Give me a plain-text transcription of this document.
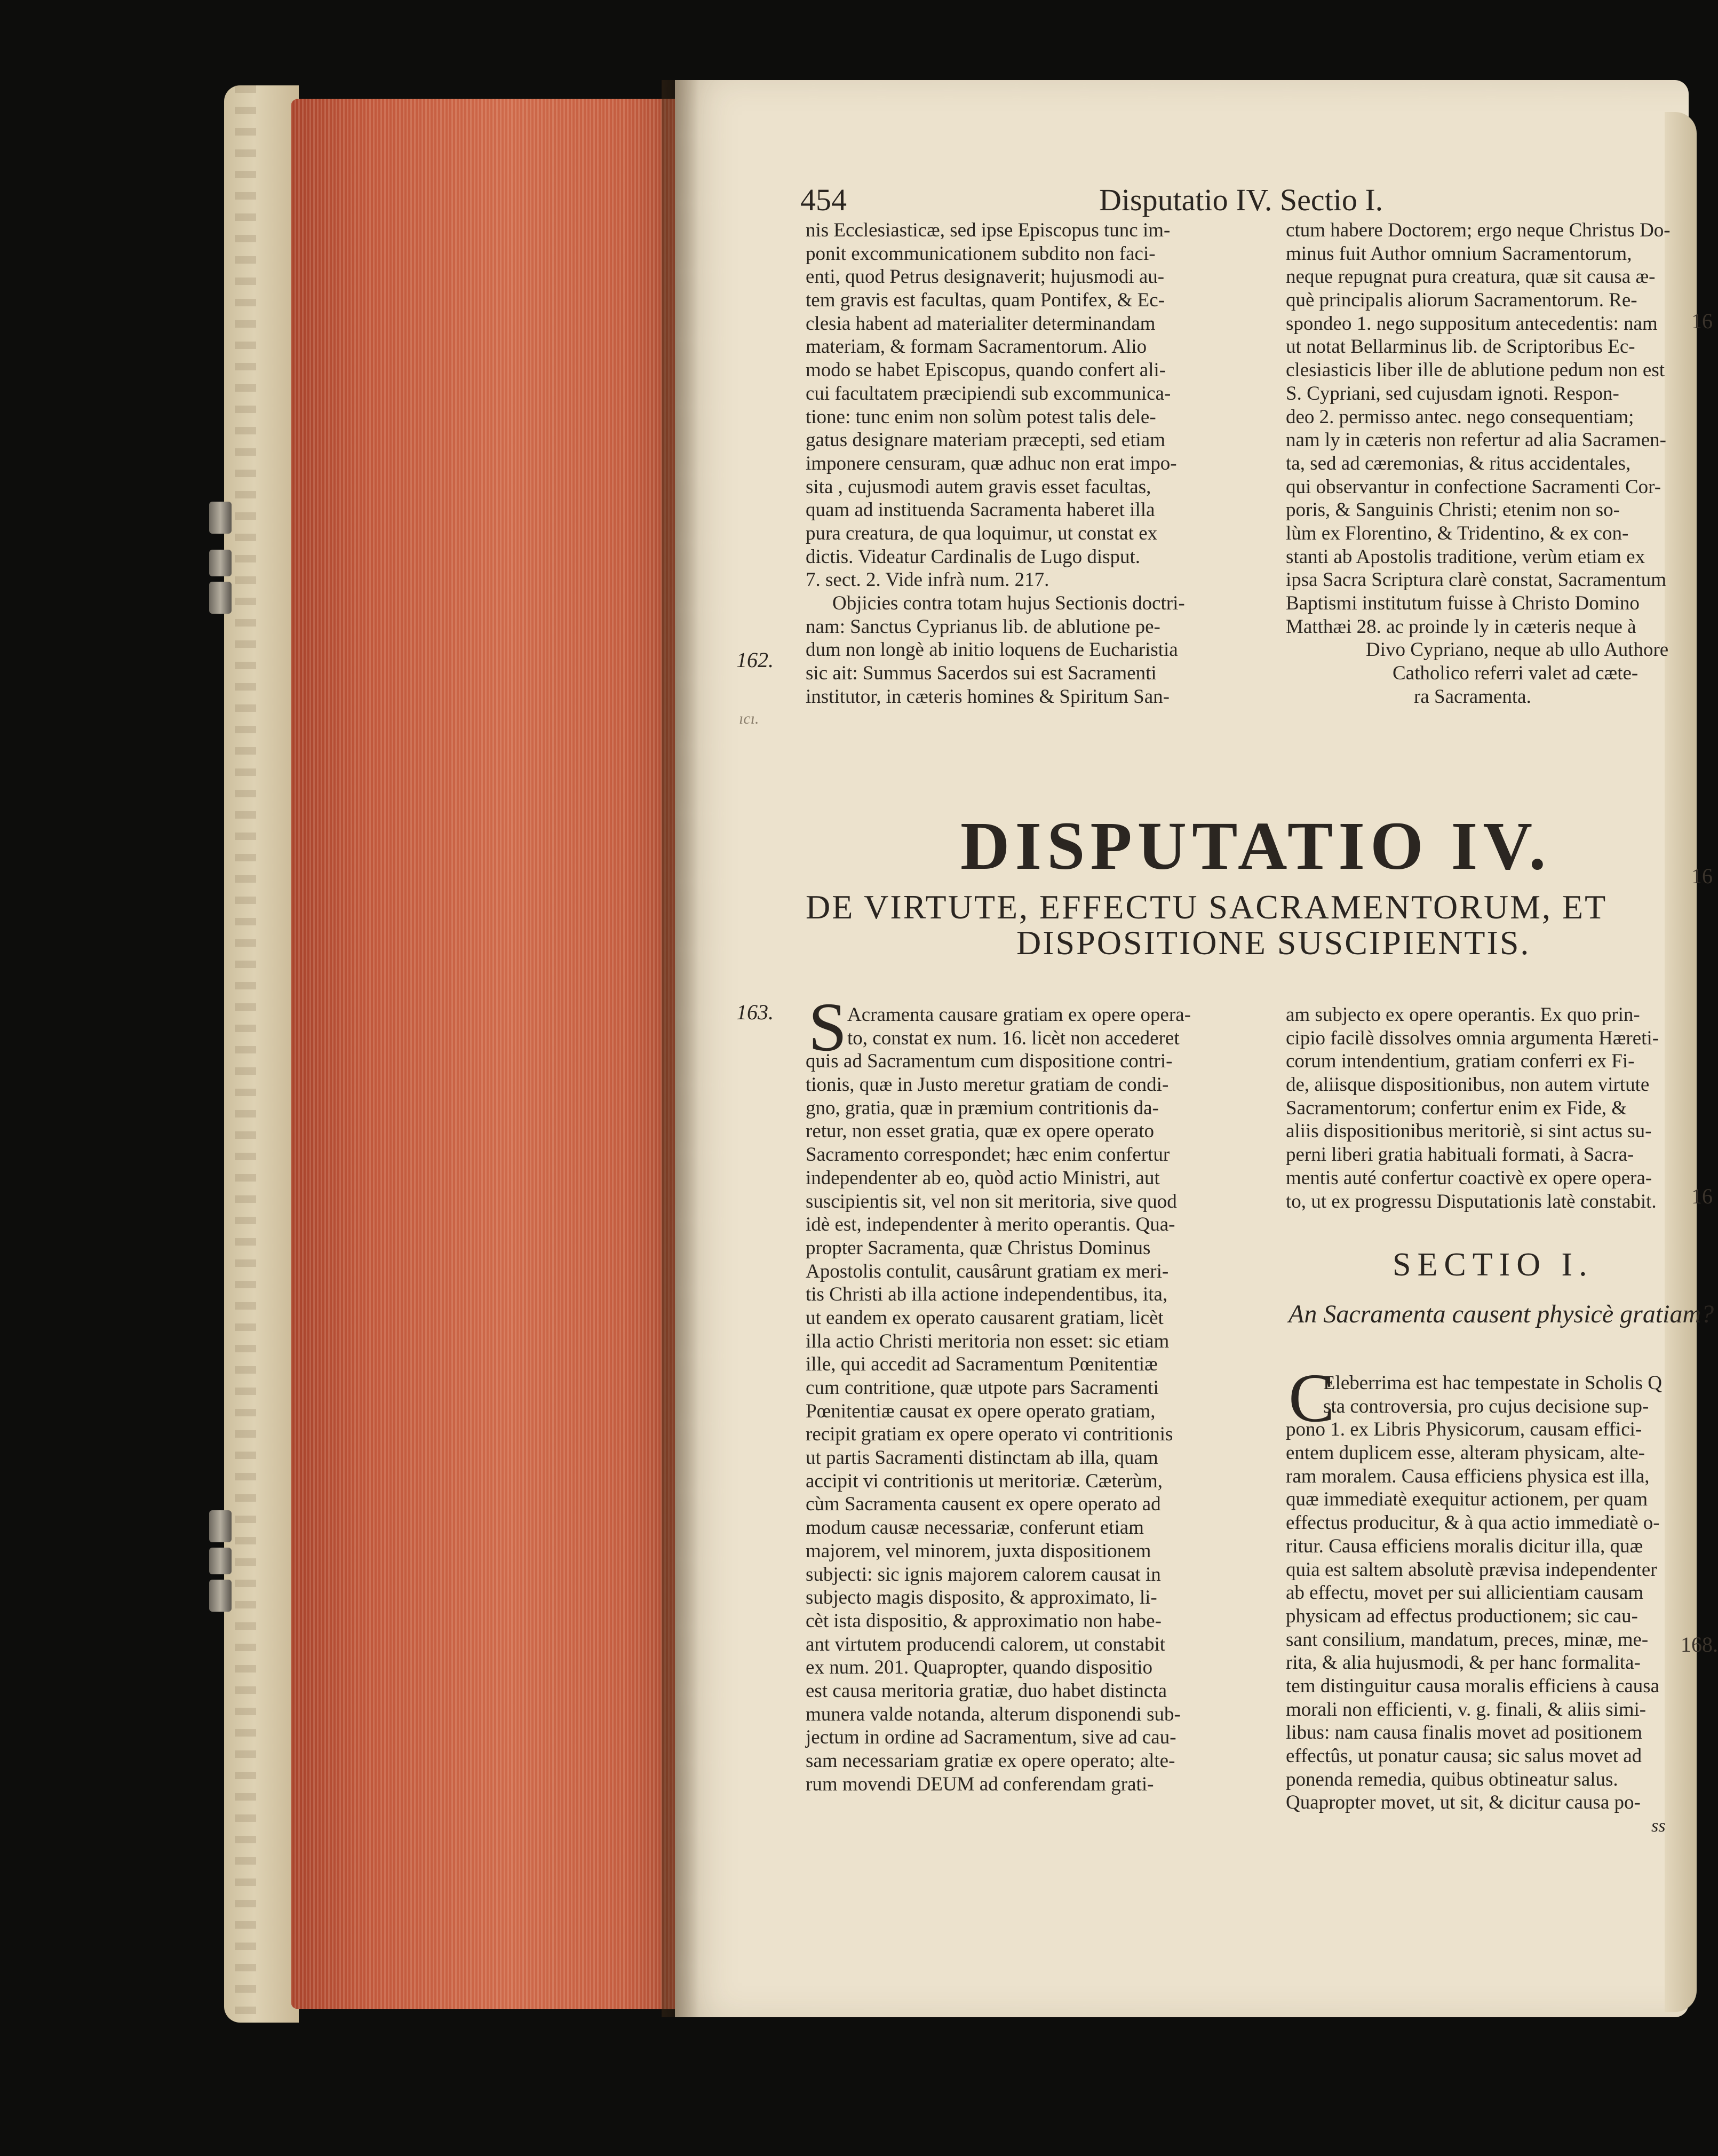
454	Disputatio IV. Sectio I.
nis Ecclesiasticæ, sed ipse Episcopus tunc im-
ponit excommunicationem subdito non faci-
enti, quod Petrus designaverit; hujusmodi au-
tem gravis est facultas, quam Pontifex, & Ec-
clesia habent ad materialiter determinandam
materiam, & formam Sacramentorum. Alio
modo se habet Episcopus, quando confert ali-
cui facultatem præcipiendi sub excommunica-
tione: tunc enim non solùm potest talis dele-
gatus designare materiam præcepti, sed etiam
imponere censuram, quæ adhuc non erat impo-
sita , cujusmodi autem gravis esset facultas,
quam ad instituenda Sacramenta haberet illa
pura creatura, de qua loquimur, ut constat ex
dictis. Videatur Cardinalis de Lugo disput.
7. sect. 2. Vide infrà num. 217.
Objicies contra totam hujus Sectionis doctri-
nam: Sanctus Cyprianus lib. de ablutione pe-
dum non longè ab initio loquens de Eucharistia
sic ait: Summus Sacerdos sui est Sacramenti
institutor, in cæteris homines & Spiritum San-
ctum habere Doctorem; ergo neque Christus Do-
minus fuit Author omnium Sacramentorum,
neque repugnat pura creatura, quæ sit causa æ-
què principalis aliorum Sacramentorum. Re-
spondeo 1. nego suppositum antecedentis: nam
ut notat Bellarminus lib. de Scriptoribus Ec-
clesiasticis liber ille de ablutione pedum non est
S. Cypriani, sed cujusdam ignoti. Respon-
deo 2. permisso antec. nego consequentiam;
nam ly in cæteris non refertur ad alia Sacramen-
ta, sed ad cæremonias, & ritus accidentales,
qui observantur in confectione Sacramenti Cor-
poris, & Sanguinis Christi; etenim non so-
lùm ex Florentino, & Tridentino, & ex con-
stanti ab Apostolis traditione, verùm etiam ex
ipsa Sacra Scriptura clarè constat, Sacramentum
Baptismi institutum fuisse à Christo Domino
Matthæi 28. ac proinde ly in cæteris neque à
Divo Cypriano, neque ab ullo Authore
Catholico referri valet ad cæte-
ra Sacramenta.
162.
ıcı.
163.
DISPUTATIO IV.
DE VIRTUTE, EFFECTU SACRAMENTORUM, ET
DISPOSITIONE SUSCIPIENTIS.
S Acramenta causare gratiam ex opere opera-
to, constat ex num. 16. licèt non accederet
quis ad Sacramentum cum dispositione contri-
tionis, quæ in Justo meretur gratiam de condi-
gno, gratia, quæ in præmium contritionis da-
retur, non esset gratia, quæ ex opere operato
Sacramento correspondet; hæc enim confertur
independenter ab eo, quòd actio Ministri, aut
suscipientis sit, vel non sit meritoria, sive quod
idè est, independenter à merito operantis. Qua-
propter Sacramenta, quæ Christus Dominus
Apostolis contulit, causârunt gratiam ex meri-
tis Christi ab illa actione independentibus, ita,
ut eandem ex operato causarent gratiam, licèt
illa actio Christi meritoria non esset: sic etiam
ille, qui accedit ad Sacramentum Pœnitentiæ
cum contritione, quæ utpote pars Sacramenti
Pœnitentiæ causat ex opere operato gratiam,
recipit gratiam ex opere operato vi contritionis
ut partis Sacramenti distinctam ab illa, quam
accipit vi contritionis ut meritoriæ. Cæterùm,
cùm Sacramenta causent ex opere operato ad
modum causæ necessariæ, conferunt etiam
majorem, vel minorem, juxta dispositionem
subjecti: sic ignis majorem calorem causat in
subjecto magis disposito, & approximato, li-
cèt ista dispositio, & approximatio non habe-
ant virtutem producendi calorem, ut constabit
ex num. 201. Quapropter, quando dispositio
est causa meritoria gratiæ, duo habet distincta
munera valde notanda, alterum disponendi sub-
jectum in ordine ad Sacramentum, sive ad cau-
sam necessariam gratiæ ex opere operato; alte-
rum movendi DEUM ad conferendam grati-
am subjecto ex opere operantis. Ex quo prin-
cipio facilè dissolves omnia argumenta Hæreti-
corum intendentium, gratiam conferri ex Fi-
de, aliisque dispositionibus, non autem virtute
Sacramentorum; confertur enim ex Fide, &
aliis dispositionibus meritoriè, si sint actus su-
perni liberi gratia habituali formati, à Sacra-
mentis auté confertur coactivè ex opere opera-
to, ut ex progressu Disputationis latè constabit.
SECTIO I.
An Sacramenta causent physicè gratiam?
C
Eleberrima est hac tempestate in Scholis Q
sta controversia, pro cujus decisione sup-
pono 1. ex Libris Physicorum, causam effici-
entem duplicem esse, alteram physicam, alte-
ram moralem. Causa efficiens physica est illa,
quæ immediatè exequitur actionem, per quam
effectus producitur, & à qua actio immediatè o-
ritur. Causa efficiens moralis dicitur illa, quæ
quia est saltem absolutè prævisa independenter
ab effectu, movet per sui allicientiam causam
physicam ad effectus productionem; sic cau-
sant consilium, mandatum, preces, minæ, me-
rita, & alia hujusmodi, & per hanc formalita-
tem distinguitur causa moralis efficiens à causa
morali non efficienti, v. g. finali, & aliis simi-
libus: nam causa finalis movet ad positionem
effectûs, ut ponatur causa; sic salus movet ad
ponenda remedia, quibus obtineatur salus.
Quapropter movet, ut sit, & dicitur causa po-
ss
16
16
16
168.
